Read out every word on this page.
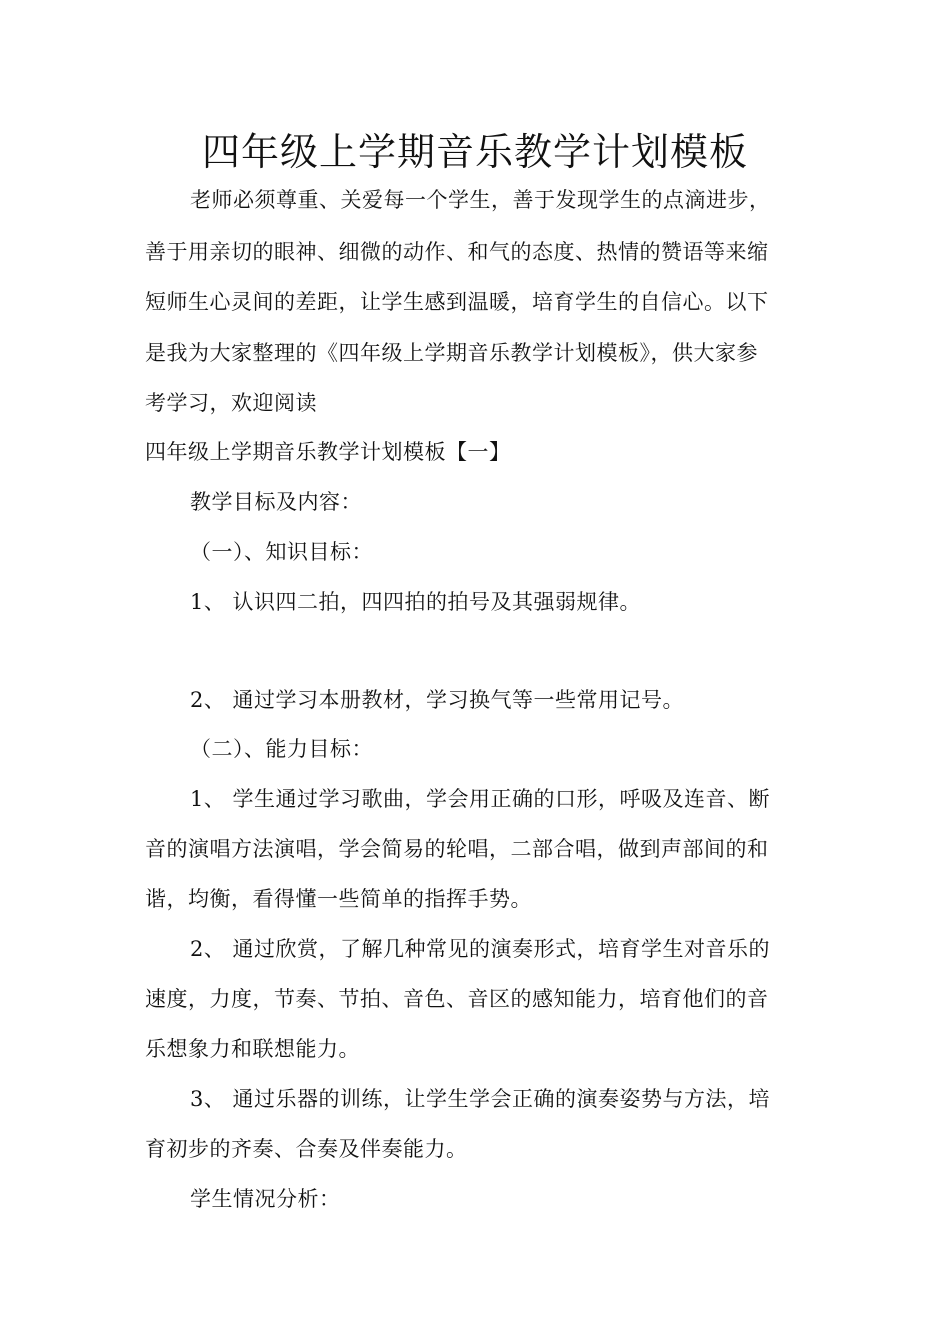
四年级上学期音乐教学计划模板

老师必须尊重、关爱每一个学生，善于发现学生的点滴进步，

善于用亲切的眼神、细微的动作、和气的态度、热情的赞语等来缩

短师生心灵间的差距，让学生感到温暖，培育学生的自信心。以下

是我为大家整理的《四年级上学期音乐教学计划模板》，供大家参

考学习，欢迎阅读

四年级上学期音乐教学计划模板【一】

教学目标及内容：

（一）、知识目标：

1、 认识四二拍，四四拍的拍号及其强弱规律。

2、 通过学习本册教材，学习换气等一些常用记号。

（二）、能力目标：

1、 学生通过学习歌曲，学会用正确的口形，呼吸及连音、断

音的演唱方法演唱，学会简易的轮唱，二部合唱，做到声部间的和

谐，均衡，看得懂一些简单的指挥手势。

2、 通过欣赏，了解几种常见的演奏形式，培育学生对音乐的

速度，力度，节奏、节拍、音色、音区的感知能力，培育他们的音

乐想象力和联想能力。

3、 通过乐器的训练，让学生学会正确的演奏姿势与方法，培

育初步的齐奏、合奏及伴奏能力。

学生情况分析：
